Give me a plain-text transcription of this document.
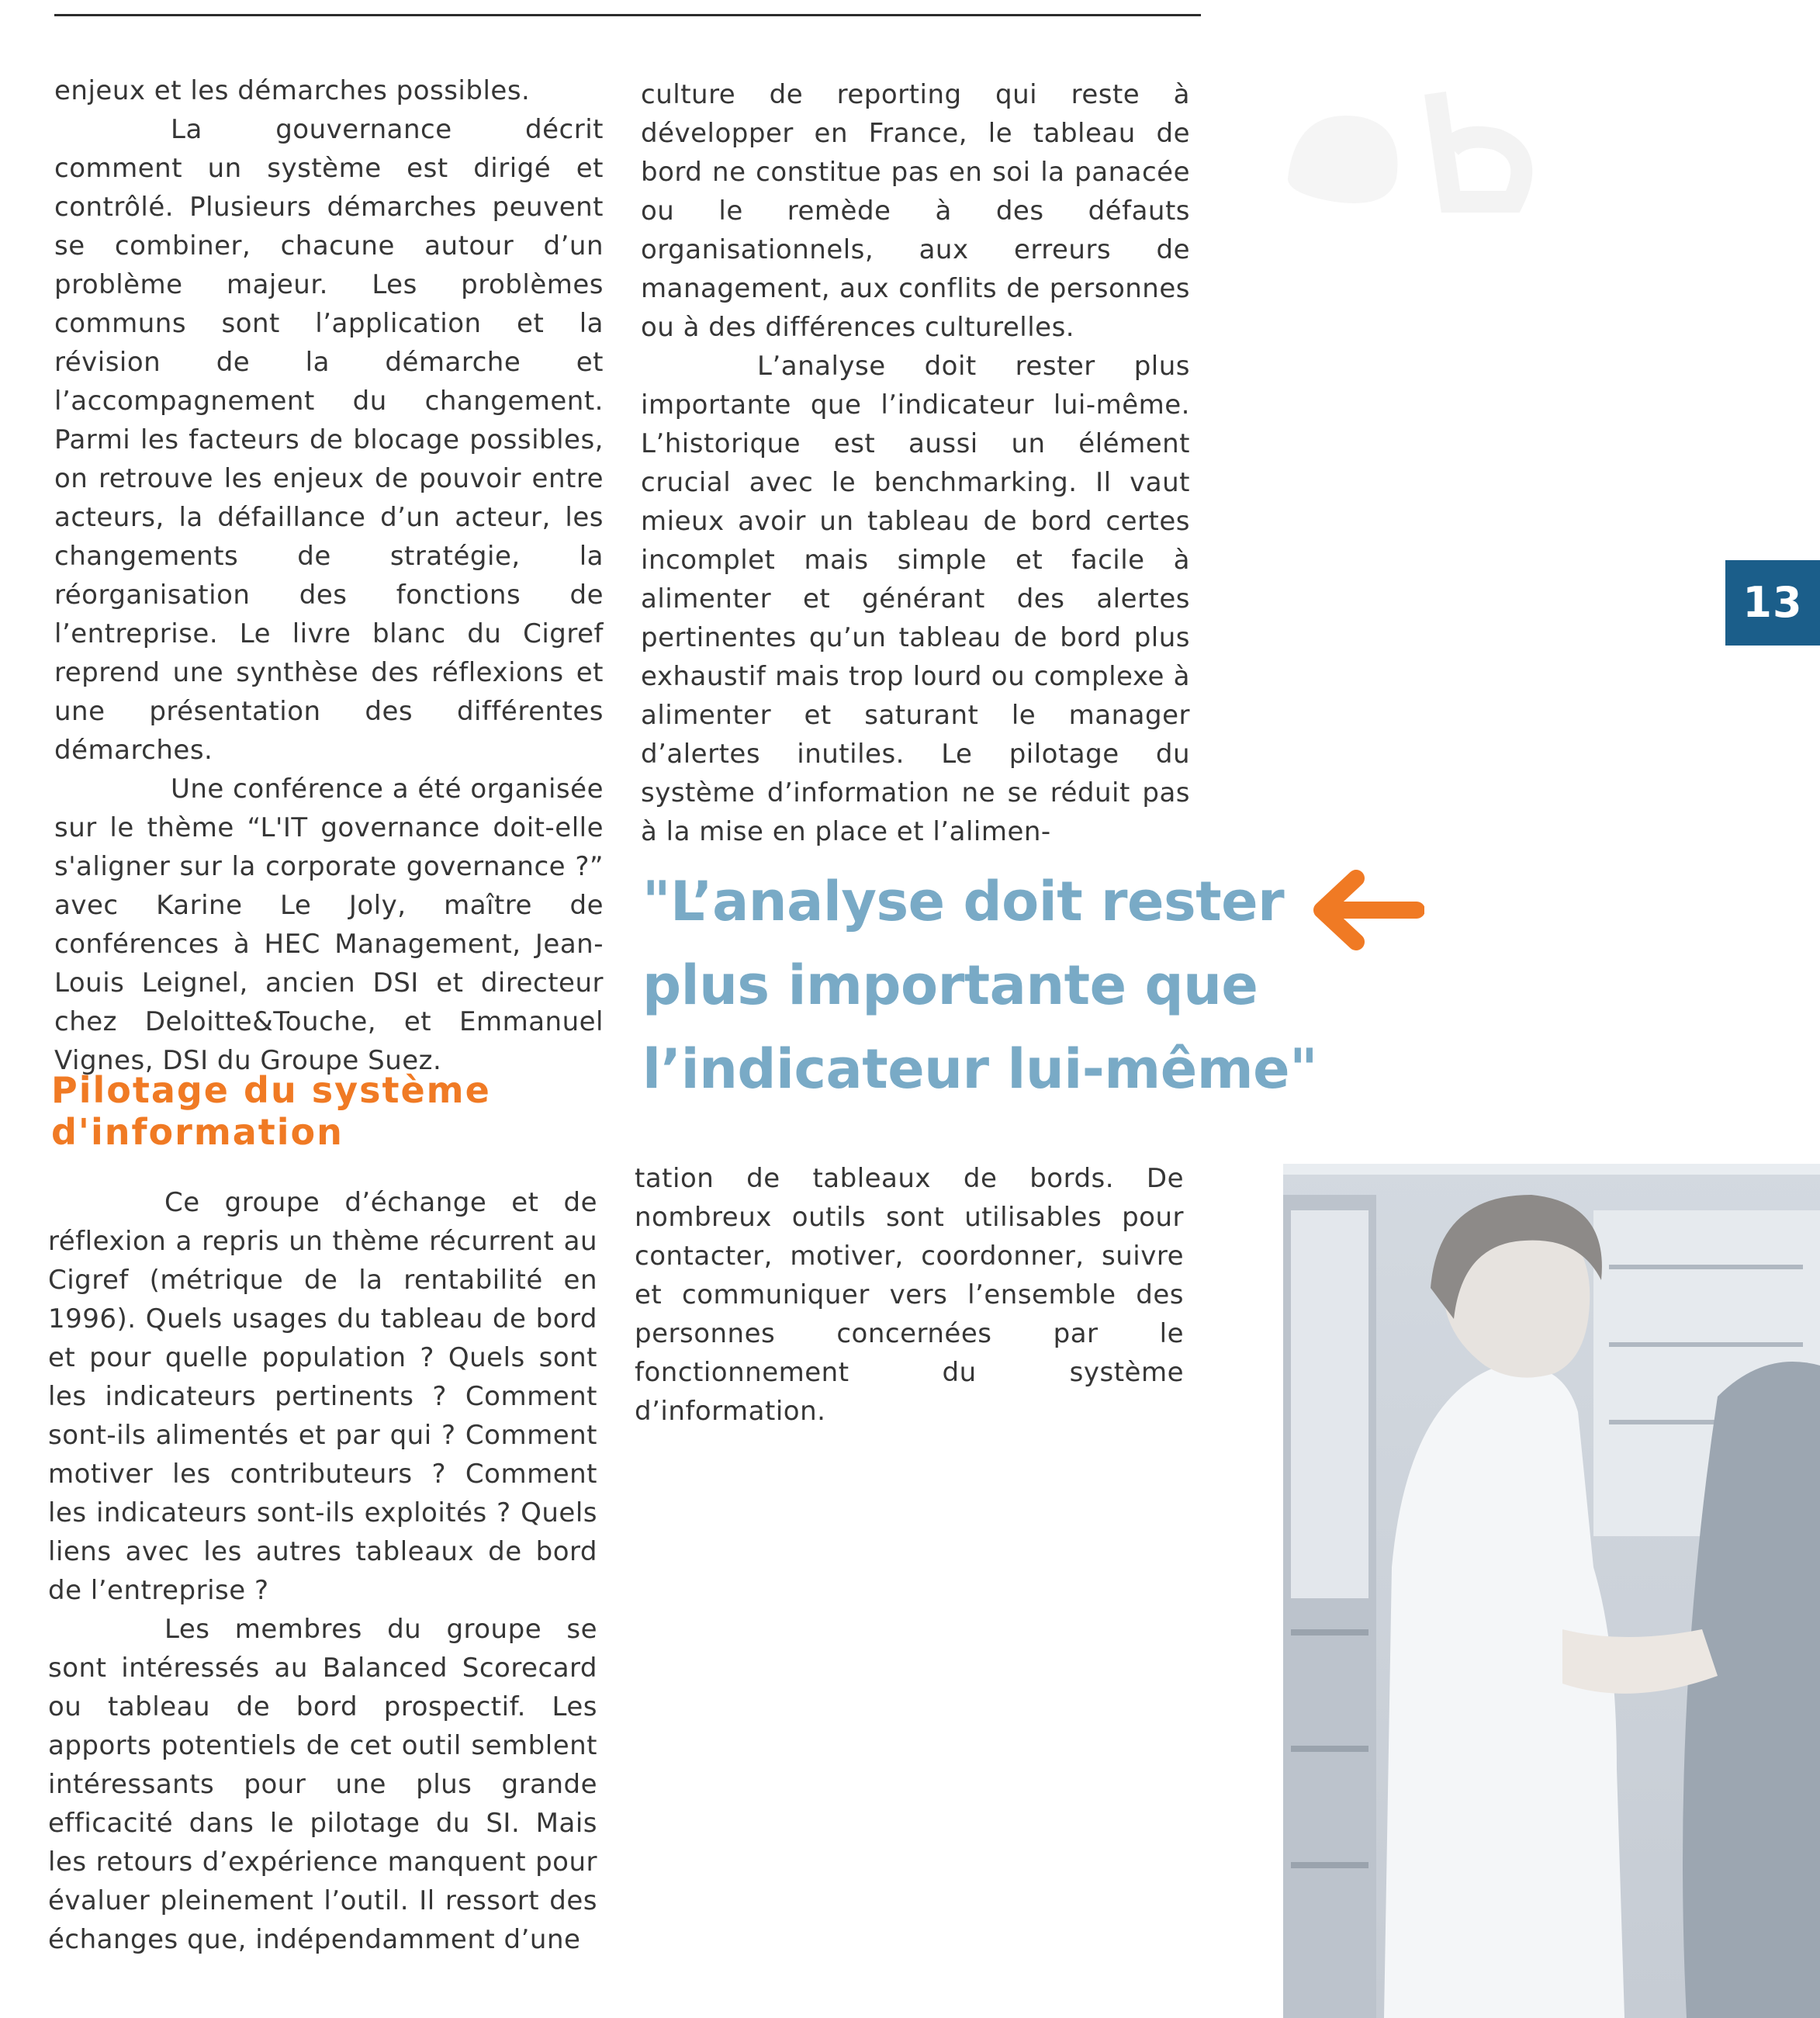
enjeux et les démarches possibles.

La gouvernance décrit comment un système est dirigé et contrôlé. Plusieurs démarches peuvent se combiner, chacune autour d’un problème majeur. Les problèmes communs sont l’application et la révision de la démarche et l’accompagnement du changement. Parmi les facteurs de blocage possibles, on retrouve les enjeux de pouvoir entre acteurs, la défaillance d’un acteur, les changements de stratégie, la réorganisation des fonctions de l’entreprise. Le livre blanc du Cigref reprend une synthèse des réflexions et une présentation des différentes démarches.

Une conférence a été organisée sur le thème “L'IT governance doit-elle s'aligner sur la corporate governance ?” avec Karine Le Joly, maître de conférences à HEC Management, Jean-Louis Leignel, ancien DSI et directeur chez Deloitte&Touche, et Emmanuel Vignes, DSI du Groupe Suez.

Pilotage du système d'information

Ce groupe d’échange et de réflexion a repris un thème récurrent au Cigref (métrique de la rentabilité en 1996). Quels usages du tableau de bord et pour quelle population ? Quels sont les indicateurs pertinents ? Comment sont-ils alimentés et par qui ? Comment motiver les contributeurs ? Comment les indicateurs sont-ils exploités ? Quels liens avec les autres tableaux de bord de l’entreprise ?

Les membres du groupe se sont intéressés au Balanced Scorecard ou tableau de bord prospectif. Les apports potentiels de cet outil semblent intéressants pour une plus grande efficacité dans le pilotage du SI. Mais les retours d’expérience manquent pour évaluer pleinement l’outil. Il ressort des échanges que, indépendamment d’une

culture de reporting qui reste à développer en France, le tableau de bord ne constitue pas en soi la panacée ou le remède à des défauts organisationnels, aux erreurs de management, aux conflits de personnes ou à des différences culturelles.

L’analyse doit rester plus importante que l’indicateur lui-même. L’historique est aussi un élément crucial avec le benchmarking. Il vaut mieux avoir un tableau de bord certes incomplet mais simple et facile à alimenter et générant des alertes pertinentes qu’un tableau de bord plus exhaustif mais trop lourd ou complexe à alimenter et saturant le manager d’alertes inutiles. Le pilotage du système d’information ne se réduit pas à la mise en place et l’alimen-

"L’analyse doit rester
plus importante que
l’indicateur lui-même"

tation de tableaux de bords. De nombreux outils sont utilisables pour contacter, motiver, coordonner, suivre et communiquer vers l’ensemble des personnes concernées par le fonctionnement du système d’information.

13
